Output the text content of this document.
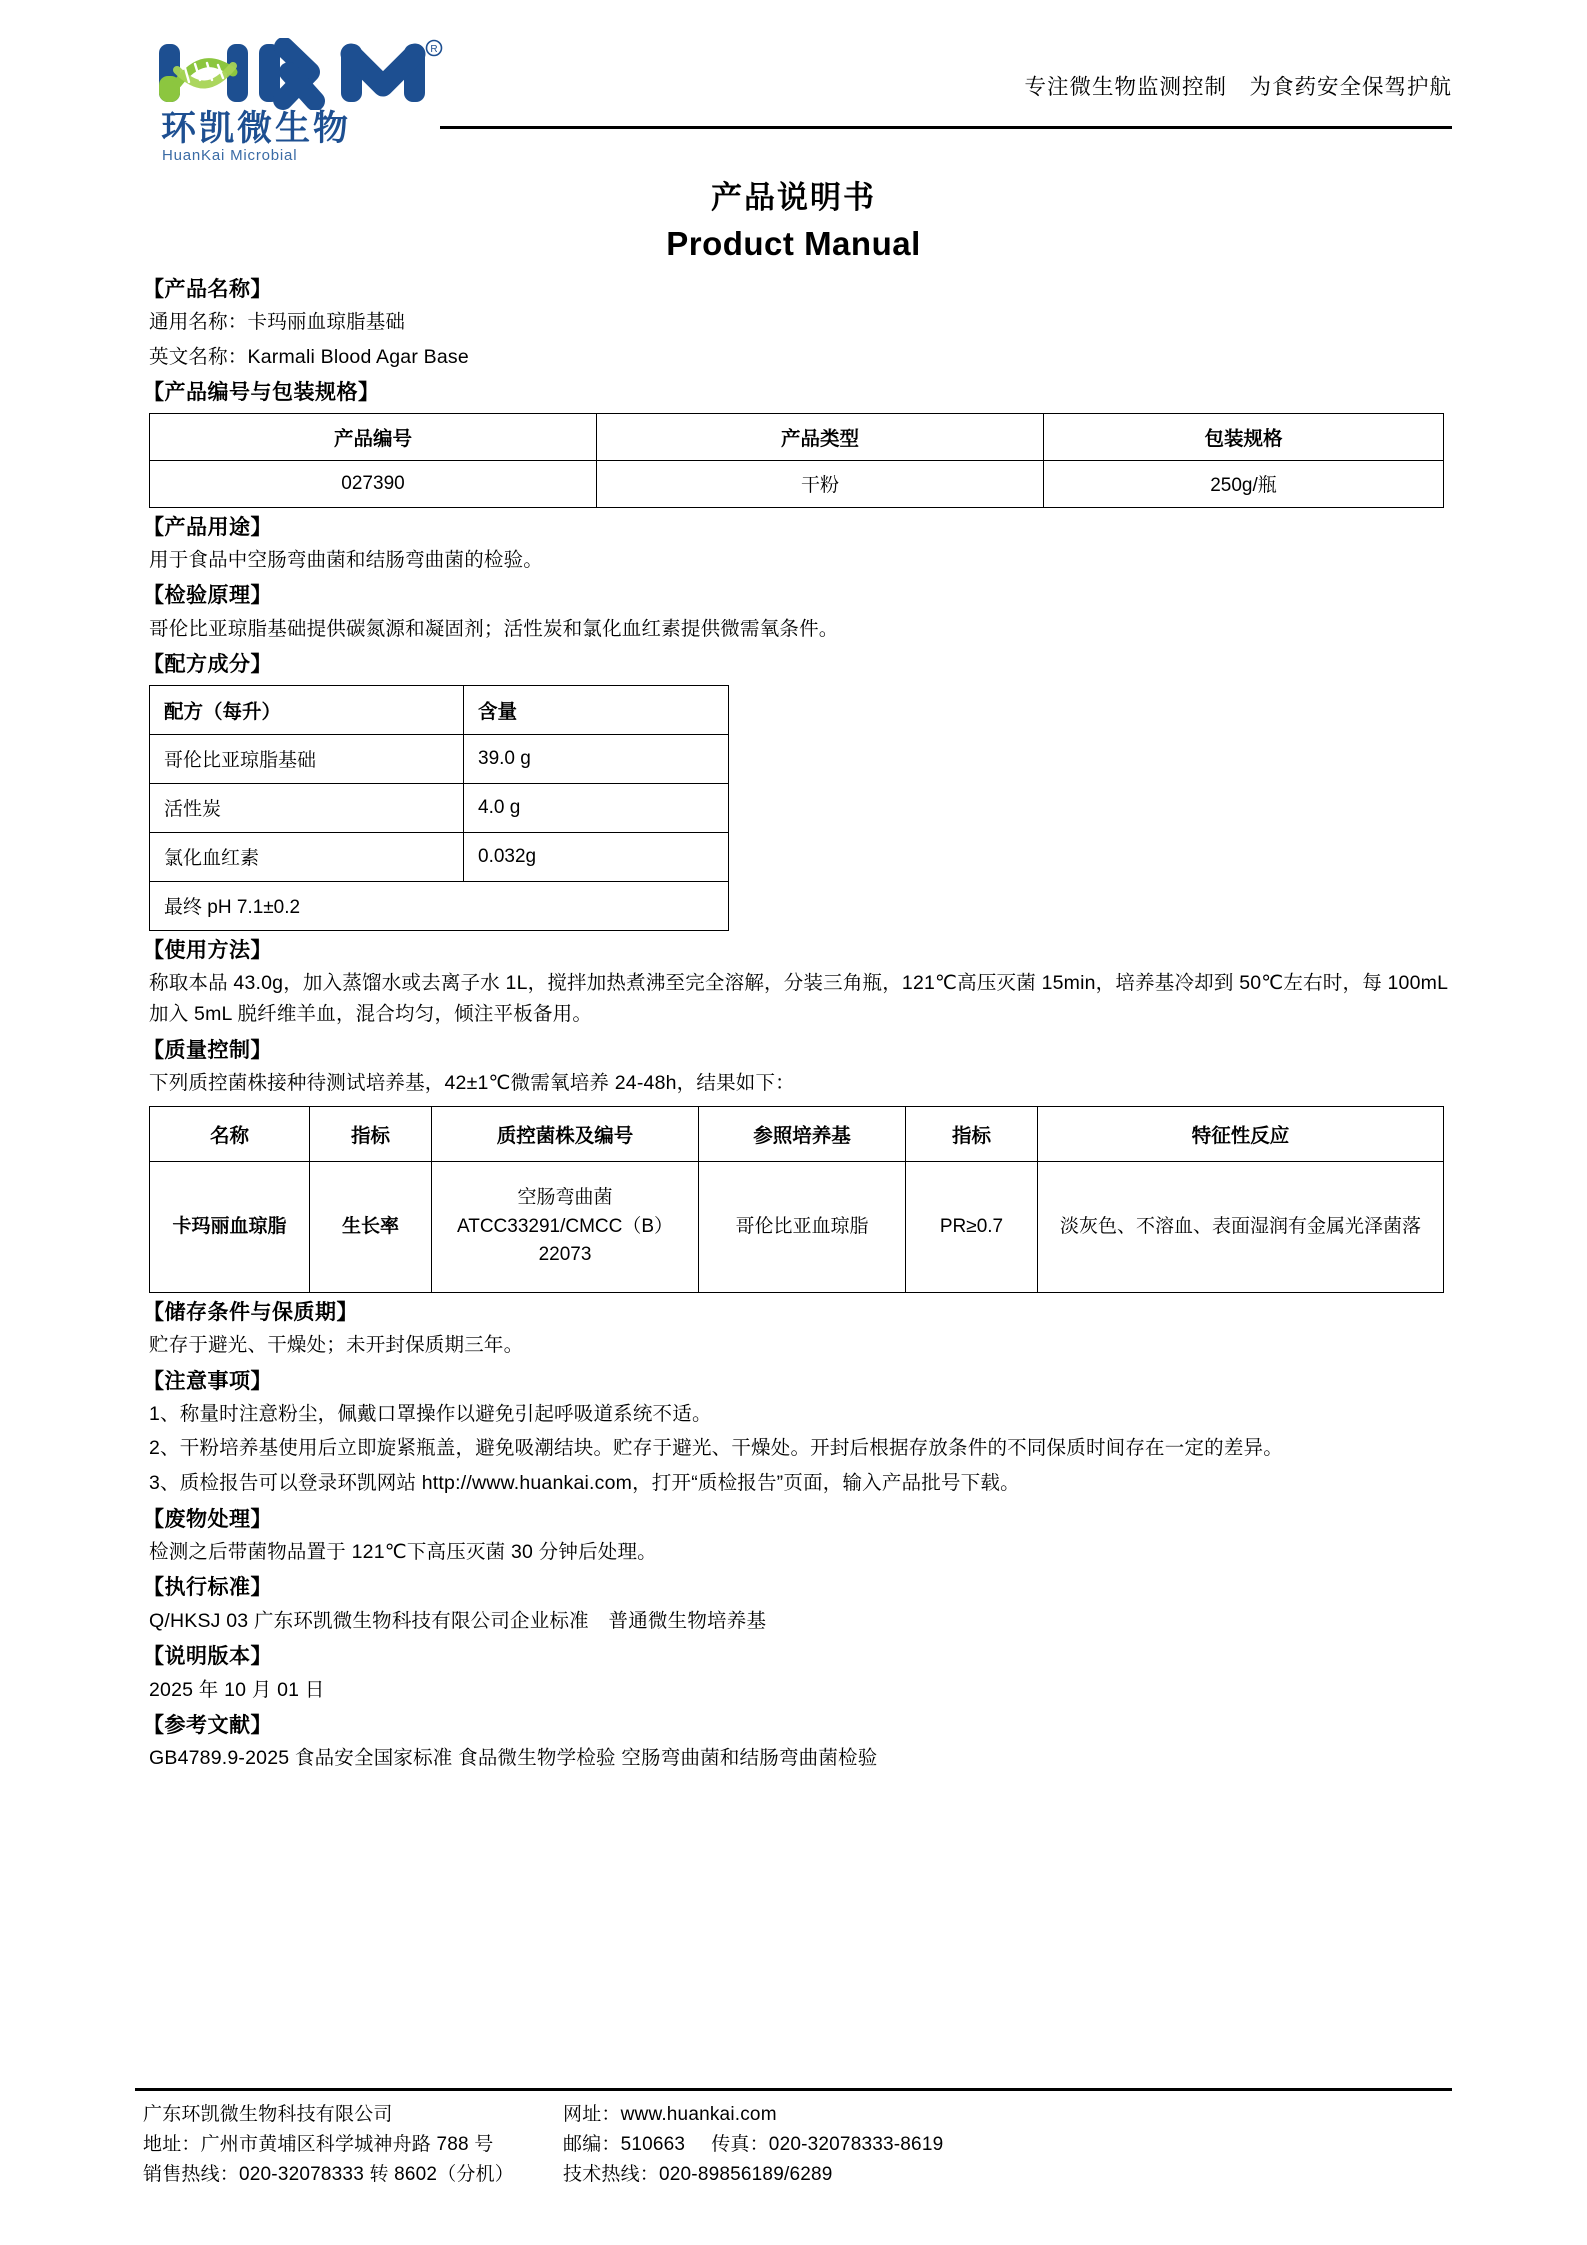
R
环凯微生物
HuanKai Microbial
专注微生物监测控制　为食药安全保驾护航
产品说明书
Product Manual
【产品名称】
通用名称：卡玛丽血琼脂基础
英文名称：Karmali Blood Agar Base
【产品编号与包装规格】
产品编号	产品类型	包装规格
027390	干粉	250g/瓶
【产品用途】
用于食品中空肠弯曲菌和结肠弯曲菌的检验。
【检验原理】
哥伦比亚琼脂基础提供碳氮源和凝固剂；活性炭和氯化血红素提供微需氧条件。
【配方成分】
配方（每升）	含量
哥伦比亚琼脂基础	39.0 g
活性炭	4.0 g
氯化血红素	0.032g
最终 pH 7.1±0.2	
【使用方法】
称取本品 43.0g，加入蒸馏水或去离子水 1L，搅拌加热煮沸至完全溶解，分装三角瓶，121℃高压灭菌 15min，培养基冷却到 50℃左右时，每 100mL 加入 5mL 脱纤维羊血，混合均匀，倾注平板备用。
【质量控制】
下列质控菌株接种待测试培养基，42±1℃微需氧培养 24-48h，结果如下：
名称	指标	质控菌株及编号	参照培养基	指标	特征性反应
卡玛丽血琼脂	生长率	空肠弯曲菌 ATCC33291/CMCC（B）22073	哥伦比亚血琼脂	PR≥0.7	淡灰色、不溶血、表面湿润有金属光泽菌落
【储存条件与保质期】
贮存于避光、干燥处；未开封保质期三年。
【注意事项】
1、称量时注意粉尘，佩戴口罩操作以避免引起呼吸道系统不适。
2、干粉培养基使用后立即旋紧瓶盖，避免吸潮结块。贮存于避光、干燥处。开封后根据存放条件的不同保质时间存在一定的差异。
3、质检报告可以登录环凯网站 http://www.huankai.com，打开“质检报告”页面，输入产品批号下载。
【废物处理】
检测之后带菌物品置于 121℃下高压灭菌 30 分钟后处理。
【执行标准】
Q/HKSJ 03 广东环凯微生物科技有限公司企业标准　普通微生物培养基
【说明版本】
2025 年 10 月 01 日
【参考文献】
GB4789.9-2025 食品安全国家标准 食品微生物学检验 空肠弯曲菌和结肠弯曲菌检验
广东环凯微生物科技有限公司
地址：广州市黄埔区科学城神舟路 788 号
销售热线：020-32078333 转 8602（分机）
网址：www.huankai.com
邮编：510663 传真：020-32078333-8619
技术热线：020-89856189/6289
